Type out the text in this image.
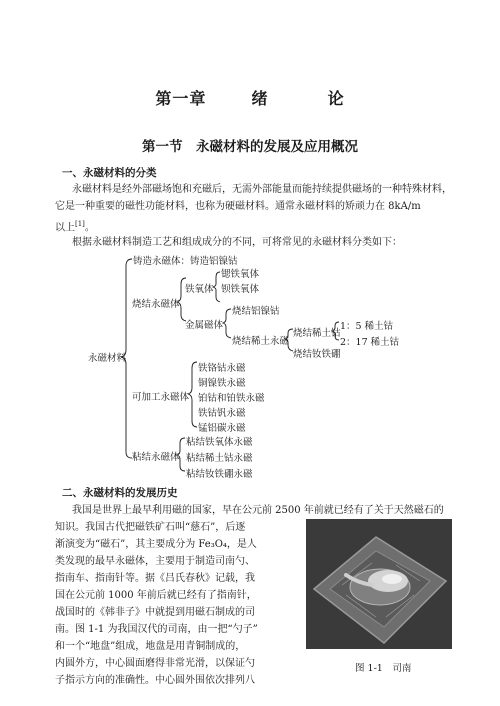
第一章	绪	论
第一节　永磁材料的发展及应用概况
一、永磁材料的分类
永磁材料是经外部磁场饱和充磁后，无需外部能量而能持续提供磁场的一种特殊材料，
它是一种重要的磁性功能材料，也称为硬磁材料。通常永磁材料的矫顽力在 8kA/m
以上[1]。
根据永磁材料制造工艺和组成成分的不同，可将常见的永磁材料分类如下：
永磁材料
铸造永磁体：铸造铝镍钴
烧结永磁体
铁氧体
锶铁氧体
钡铁氧体
金属磁体
烧结铝镍钴
烧结稀土永磁
烧结稀土钴
1：5 稀土钴
2：17 稀土钴
烧结钕铁硼
可加工永磁体
铁铬钴永磁
铜镍铁永磁
铂钴和铂铁永磁
铁钴钒永磁
锰铝碳永磁
粘结永磁体
粘结铁氧体永磁
粘结稀土钴永磁
粘结钕铁硼永磁
二、永磁材料的发展历史
我国是世界上最早利用磁的国家，早在公元前 2500 年前就已经有了关于天然磁石的
知识。我国古代把磁铁矿石叫“慈石”，后逐
渐演变为“磁石”，其主要成分为 Fe₃O₄，是人
类发现的最早永磁体，主要用于制造司南勺、
指南车、指南针等。据《吕氏春秋》记载，我
国在公元前 1000 年前后就已经有了指南针，
战国时的《韩非子》中就提到用磁石制成的司
南。图 1-1 为我国汉代的司南，由一把“勺子”
和一个“地盘”组成，地盘是用青铜制成的，
内圆外方，中心圆面磨得非常光滑，以保证勺
子指示方向的准确性。中心圆外围依次排列八
图 1-1　司南
